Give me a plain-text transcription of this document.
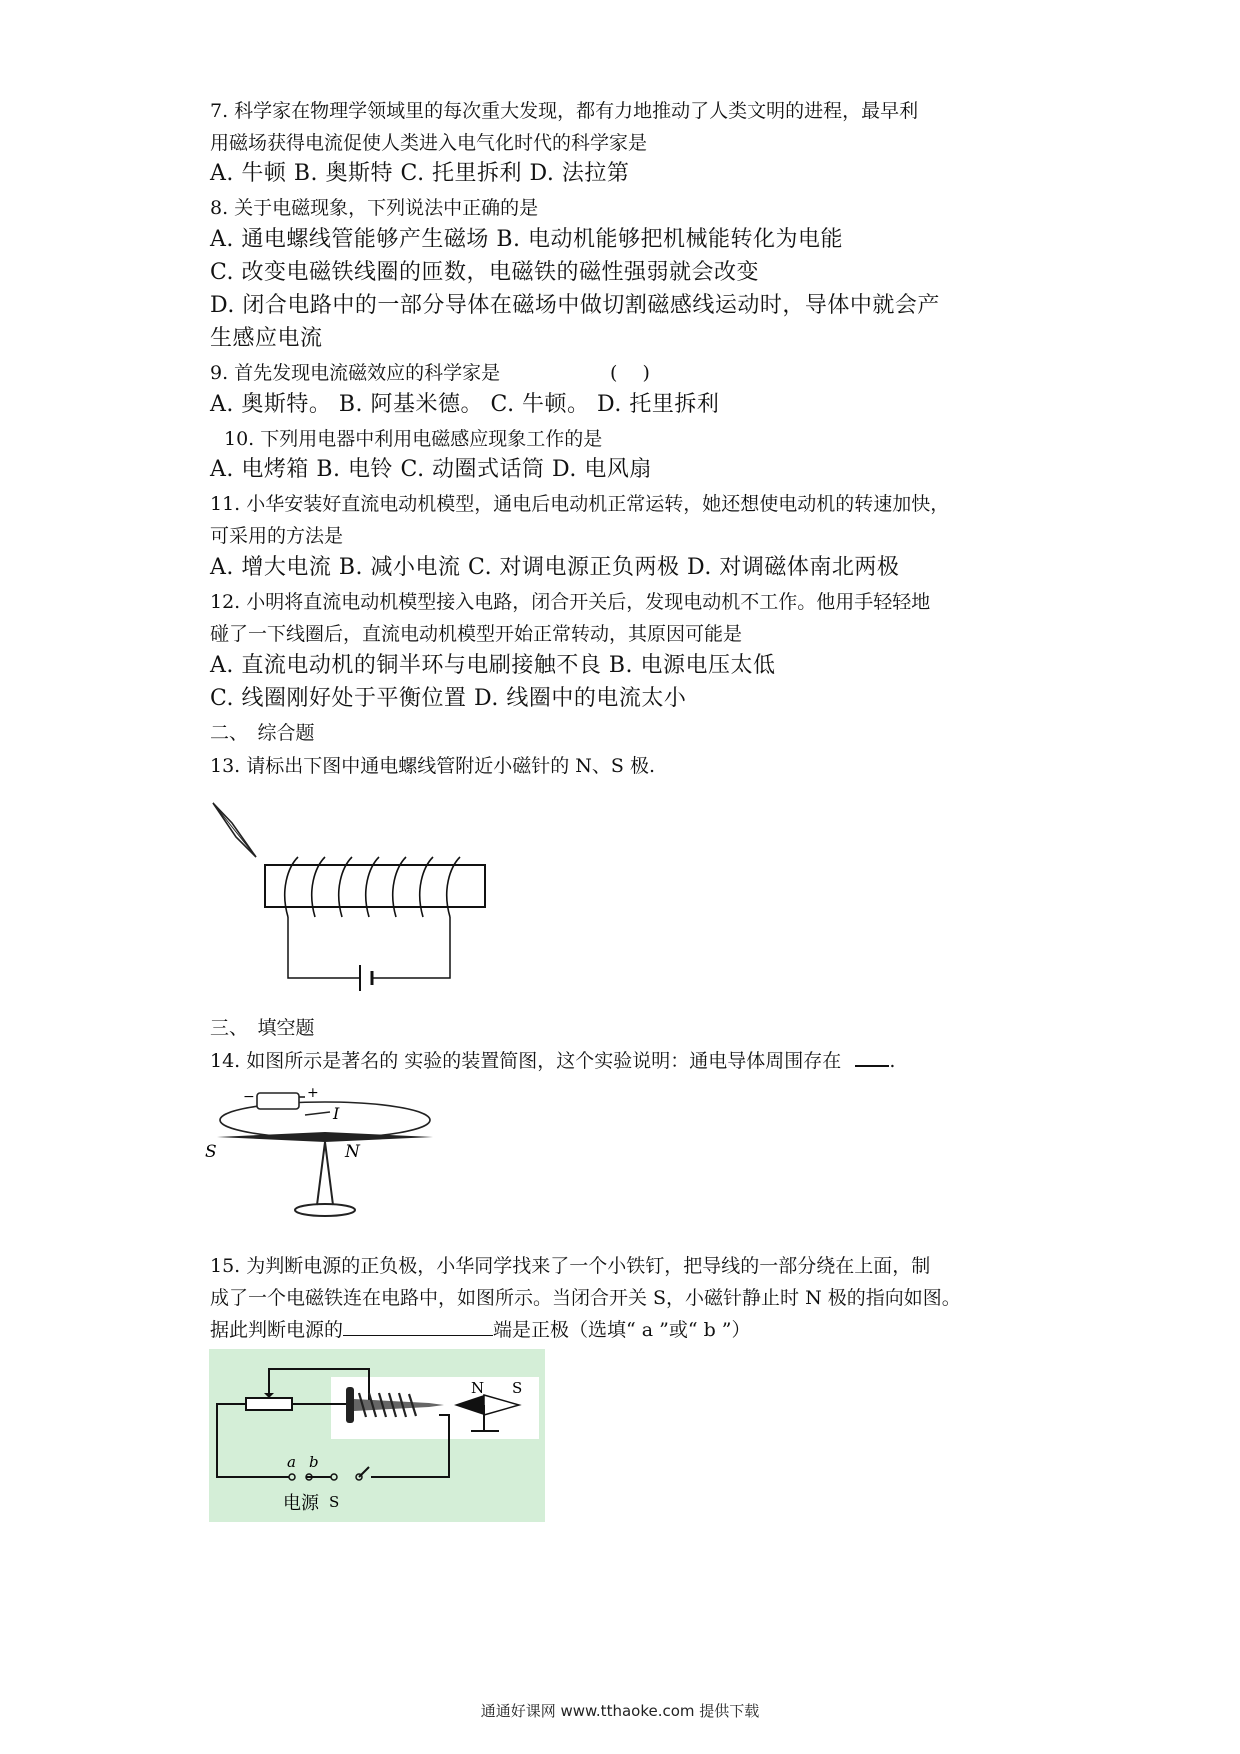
7. 科学家在物理学领域里的每次重大发现，都有力地推动了人类文明的进程，最早利
用磁场获得电流促使人类进入电气化时代的科学家是
A. 牛顿 B. 奥斯特 C. 托里拆利 D. 法拉第
8. 关于电磁现象，下列说法中正确的是
A. 通电螺线管能够产生磁场 B. 电动机能够把机械能转化为电能
C. 改变电磁铁线圈的匝数，电磁铁的磁性强弱就会改变
D. 闭合电路中的一部分导体在磁场中做切割磁感线运动时，导体中就会产
生感应电流
9. 首先发现电流磁效应的科学家是	(　 )
A. 奥斯特。 B. 阿基米德。 C. 牛顿。 D. 托里拆利
10. 下列用电器中利用电磁感应现象工作的是
A. 电烤箱 B. 电铃 C. 动圈式话筒 D. 电风扇
11. 小华安装好直流电动机模型，通电后电动机正常运转，她还想使电动机的转速加快，
可采用的方法是
A. 增大电流 B. 减小电流 C. 对调电源正负两极 D. 对调磁体南北两极
12. 小明将直流电动机模型接入电路，闭合开关后，发现电动机不工作。他用手轻轻地
碰了一下线圈后，直流电动机模型开始正常转动，其原因可能是
A. 直流电动机的铜半环与电刷接触不良 B. 电源电压太低
C. 线圈刚好处于平衡位置 D. 线圈中的电流太小
二、　综合题
13. 请标出下图中通电螺线管附近小磁针的 N、S 极.
三、　填空题
14. 如图所示是著名的 实验的装置简图，这个实验说明：通电导体周围存在	.
−	+
I
S	N
15. 为判断电源的正负极，小华同学找来了一个小铁钉，把导线的一部分绕在上面，制
成了一个电磁铁连在电路中，如图所示。当闭合开关 S，小磁针静止时 N 极的指向如图。
据此判断电源的	端是正极（选填“ a ”或“ b ”）
a b
电源 S
N S
通通好课网 www.tthaoke.com 提供下载
